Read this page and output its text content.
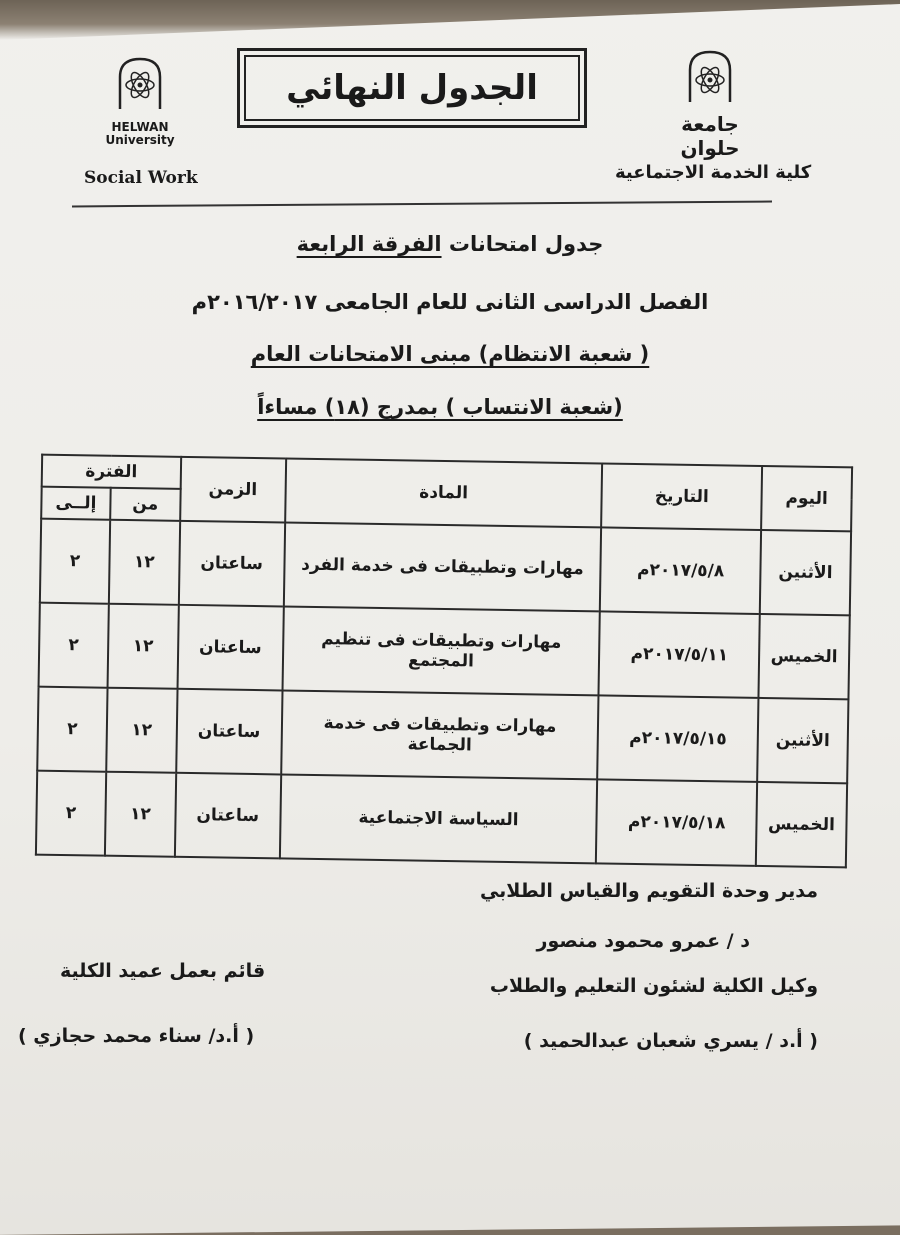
HELWAN
University
Social Work
الجدول النهائي
جامعة حلوان
كلية الخدمة الاجتماعية
جدول امتحانات الفرقة الرابعة
الفصل الدراسى الثانى للعام الجامعى ٢٠١٦/٢٠١٧م
( شعبة الانتظام) مبنى الامتحانات العام
(شعبة الانتساب ) بمدرج (١٨) مساءاً
اليوم	التاريخ	المادة	الزمن	الفترة	
				من	إلــى
الأثنين	٢٠١٧/٥/٨م	مهارات وتطبيقات فى خدمة الفرد	ساعتان	١٢	٢
الخميس	٢٠١٧/٥/١١م	مهارات وتطبيقات فى تنظيم المجتمع	ساعتان	١٢	٢
الأثنين	٢٠١٧/٥/١٥م	مهارات وتطبيقات فى خدمة الجماعة	ساعتان	١٢	٢
الخميس	٢٠١٧/٥/١٨م	السياسة الاجتماعية	ساعتان	١٢	٢
مدير وحدة التقويم والقياس الطلابي
د / عمرو محمود منصور
وكيل الكلية لشئون التعليم والطلاب
( أ.د / يسري شعبان عبدالحميد )
قائم بعمل عميد الكلية
( أ.د/ سناء محمد حجازي )
